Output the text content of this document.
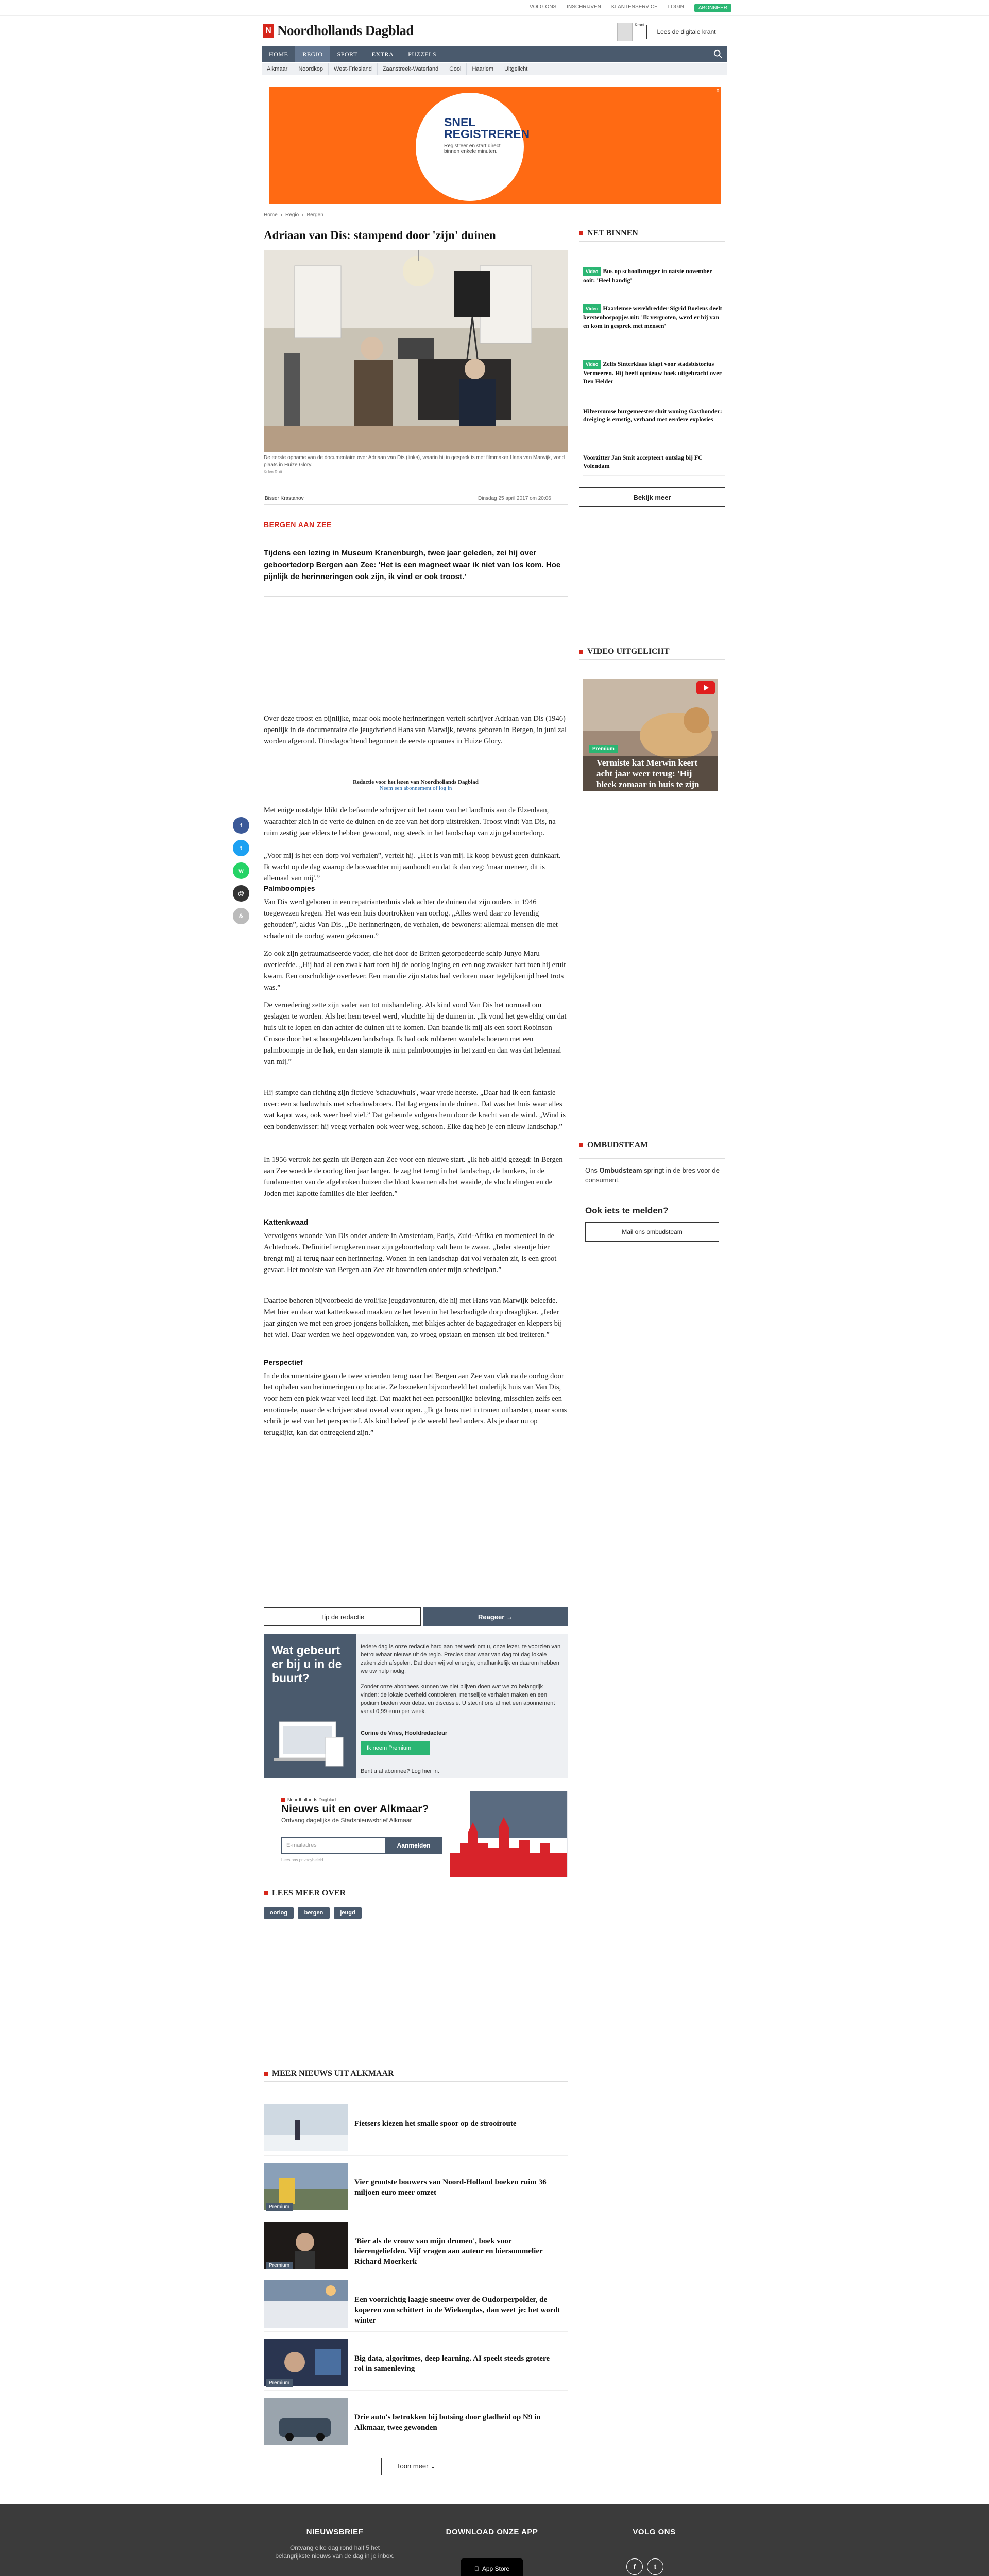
VOLG ONS INSCHRIJVEN KLANTENSERVICE LOGIN	ABONNEER
N Noordhollands Dagblad	Krant
Lees de digitale krant
HOME	REGIO	SPORT	EXTRA	PUZZELS
Alkmaar	Noordkop	West-Friesland	Zaanstreek-Waterland	Gooi	Haarlem	Uitgelicht
SNEL
REGISTREREN
Registreer en start direct binnen enkele minuten.
x
Home › Regio › Bergen
Adriaan van Dis: stampend door 'zijn' duinen
De eerste opname van de documentaire over Adriaan van Dis (links), waarin hij in gesprek is met filmmaker Hans van Marwijk, vond plaats in Huize Glory.
© Ivo Rutt
Bisser Krastanov	Dinsdag 25 april 2017 om 20:06
BERGEN AAN ZEE

Tijdens een lezing in Museum Kranenburgh, twee jaar geleden, zei hij over geboortedorp Bergen aan Zee: 'Het is een magneet waar ik niet van los kom. Hoe pijnlijk de herinneringen ook zijn, ik vind er ook troost.'

f
t
w
@
&

Over deze troost en pijnlijke, maar ook mooie herinneringen vertelt schrijver Adriaan van Dis (1946) openlijk in de documentaire die jeugdvriend Hans van Marwijk, tevens geboren in Bergen, in juni zal worden afgerond. Dinsdagochtend begonnen de eerste opnames in Huize Glory.

Redactie voor het lezen van Noordhollands Dagblad
Neem een abonnement of log in

Met enige nostalgie blikt de befaamde schrijver uit het raam van het landhuis aan de Elzenlaan, waarachter zich in de verte de duinen en de zee van het dorp uitstrekken. Troost vindt Van Dis, na ruim zestig jaar elders te hebben gewoond, nog steeds in het landschap van zijn geboortedorp.

„Voor mij is het een dorp vol verhalen”, vertelt hij. „Het is van mij. Ik koop bewust geen duinkaart. Ik wacht op de dag waarop de boswachter mij aanhoudt en dat ik dan zeg: 'maar meneer, dit is allemaal van mij'.”

Palmboompjes

Van Dis werd geboren in een repatriantenhuis vlak achter de duinen dat zijn ouders in 1946 toegewezen kregen. Het was een huis doortrokken van oorlog. „Alles werd daar zo levendig gehouden”, aldus Van Dis. „De herinneringen, de verhalen, de bewoners: allemaal mensen die met schade uit de oorlog waren gekomen.”

Zo ook zijn getraumatiseerde vader, die het door de Britten getorpedeerde schip Junyo Maru overleefde. „Hij had al een zwak hart toen hij de oorlog inging en een nog zwakker hart toen hij eruit kwam. Een onschuldige overlever. Een man die zijn status had verloren maar tegelijkertijd heel trots was.”

De vernedering zette zijn vader aan tot mishandeling. Als kind vond Van Dis het normaal om geslagen te worden. Als het hem teveel werd, vluchtte hij de duinen in. „Ik vond het geweldig om dat huis uit te lopen en dan achter de duinen uit te komen. Dan baande ik mij als een soort Robinson Crusoe door het schoongeblazen landschap. Ik had ook rubberen wandelschoenen met een palmboompje in de hak, en dan stampte ik mijn palmboompjes in het zand en dan was dat helemaal van mij.”

Hij stampte dan richting zijn fictieve 'schaduwhuis', waar vrede heerste. „Daar had ik een fantasie over: een schaduwhuis met schaduwbroers. Dat lag ergens in de duinen. Dat was het huis waar alles wat kapot was, ook weer heel viel.” Dat gebeurde volgens hem door de kracht van de wind. „Wind is een bondenwisser: hij veegt verhalen ook weer weg, schoon. Elke dag heb je een nieuw landschap.”

In 1956 vertrok het gezin uit Bergen aan Zee voor een nieuwe start. „Ik heb altijd gezegd: in Bergen aan Zee woedde de oorlog tien jaar langer. Je zag het terug in het landschap, de bunkers, in de fundamenten van de afgebroken huizen die bloot kwamen als het waaide, de vluchtelingen en de Joden met kapotte families die hier leefden.”

Kattenkwaad

Vervolgens woonde Van Dis onder andere in Amsterdam, Parijs, Zuid-Afrika en momenteel in de Achterhoek. Definitief terugkeren naar zijn geboortedorp valt hem te zwaar. „Ieder steentje hier brengt mij al terug naar een herinnering. Wonen in een landschap dat vol verhalen zit, is een groot gevaar. Het mooiste van Bergen aan Zee zit bovendien onder mijn schedelpan.”

Daartoe behoren bijvoorbeeld de vrolijke jeugdavonturen, die hij met Hans van Marwijk beleefde. Met hier en daar wat kattenkwaad maakten ze het leven in het beschadigde dorp draaglijker. „Ieder jaar gingen we met een groep jongens bollakken, met blikjes achter de bagagedrager en kleppers bij het wiel. Daar werden we heel opgewonden van, zo vroeg opstaan en mensen uit bed treiteren.”

Perspectief

In de documentaire gaan de twee vrienden terug naar het Bergen aan Zee van vlak na de oorlog door het ophalen van herinneringen op locatie. Ze bezoeken bijvoorbeeld het onderlijk huis van Van Dis, voor hem een plek waar veel leed ligt. Dat maakt het een persoonlijke beleving, misschien zelfs een emotionele, maar de schrijver staat overal voor open. „Ik ga heus niet in tranen uitbarsten, maar soms schrik je wel van het perspectief. Als kind beleef je de wereld heel anders. Als je daar nu op terugkijkt, kan dat ontregelend zijn.”

Tip de redactie	Reageer →
Wat gebeurt er bij u in de buurt?

Iedere dag is onze redactie hard aan het werk om u, onze lezer, te voorzien van betrouwbaar nieuws uit de regio. Precies daar waar van dag tot dag lokale zaken zich afspelen. Dat doen wij vol energie, onafhankelijk en daarom hebben we uw hulp nodig.

Zonder onze abonnees kunnen we niet blijven doen wat we zo belangrijk vinden: de lokale overheid controleren, menselijke verhalen maken en een podium bieden voor debat en discussie. U steunt ons al met een abonnement vanaf 0,99 euro per week.

Corine de Vries, Hoofdredacteur
Ik neem Premium
Bent u al abonnee? Log hier in.
Noordhollands Dagblad
Nieuws uit en over Alkmaar?
Ontvang dagelijks de Stadsnieuwsbrief Alkmaar
E-mailadres	Aanmelden
Lees ons privacybeleid
LEES MEER OVER
oorlog	bergen	jeugd
MEER NIEUWS UIT ALKMAAR
Fietsers kiezen het smalle spoor op de strooiroute
Premium
Vier grootste bouwers van Noord-Holland boeken ruim 36 miljoen euro meer omzet
Premium
'Bier als de vrouw van mijn dromen', boek voor bierengeliefden. Vijf vragen aan auteur en biersommelier Richard Moerkerk
Een voorzichtig laagje sneeuw over de Oudorperpolder, de koperen zon schittert in de Wiekenplas, dan weet je: het wordt winter
Premium
Big data, algoritmes, deep learning. AI speelt steeds grotere rol in samenleving
Drie auto's betrokken bij botsing door gladheid op N9 in Alkmaar, twee gewonden
Toon meer ⌄
NET BINNEN
Video Bus op schoolbrugger in natste november ooit: 'Heel handig'
Video Haarlemse wereldredder Sigrid Boelens deelt kerstenbospopjes uit: 'Ik vergroten, werd er bij van en kom in gesprek met mensen'
Video Zelfs Sinterklaas klapt voor stadsbistorius Vermeeren. Hij heeft opnieuw boek uitgebracht over Den Helder
Hilversumse burgemeester sluit woning Gasthonder: dreiging is ernstig, verband met eerdere explosies
Voorzitter Jan Smit accepteert ontslag bij FC Volendam
Bekijk meer
VIDEO UITGELICHT
Premium
Vermiste kat Merwin keert acht jaar weer terug: 'Hij bleek zomaar in huis te zijn genomen door een nu...
OMBUDSTEAM
Ons Ombudsteam springt in de bres voor de consument.
Ook iets te melden?
Mail ons ombudsteam
NIEUWSBRIEF
Ontvang elke dag rond half 5 het belangrijkste nieuws van de dag in je inbox.
DOWNLOAD ONZE APP
App Store
VOLG ONS
f	t
